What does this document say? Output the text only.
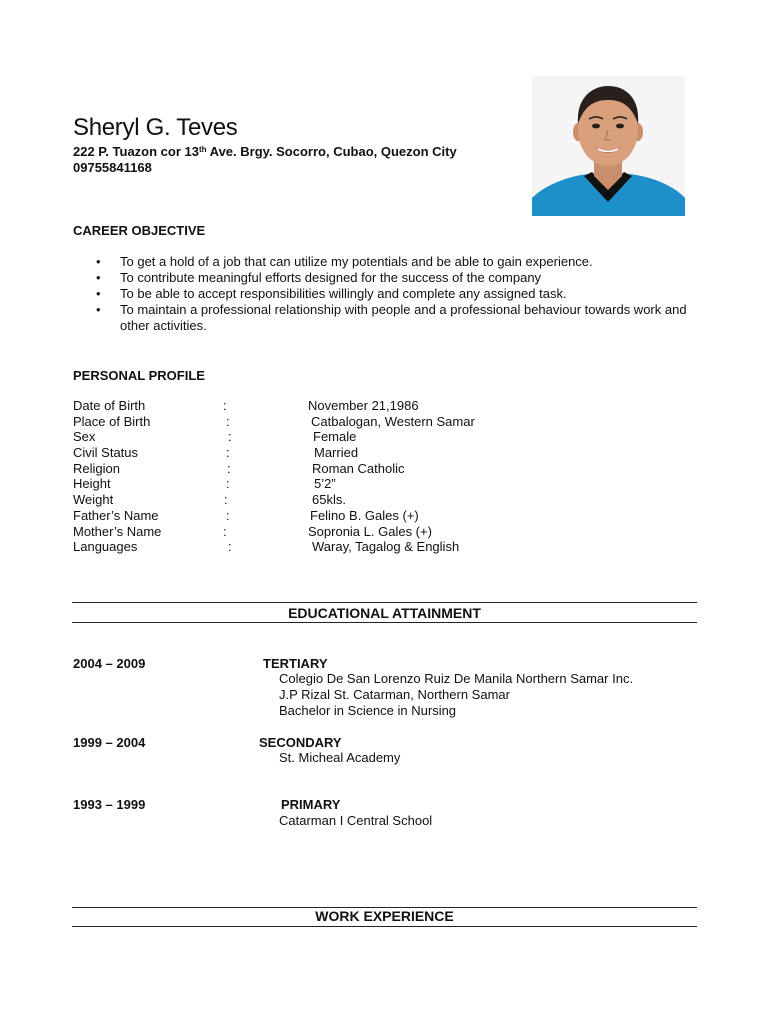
Sheryl G. Teves
222 P. Tuazon cor 13th Ave. Brgy. Socorro, Cubao, Quezon City
09755841168
CAREER OBJECTIVE
• To get a hold of a job that can utilize my potentials and be able to gain experience.
• To contribute meaningful efforts designed for the success of the company
• To be able to accept responsibilities willingly and complete any assigned task.
• To maintain a professional relationship with people and a professional behaviour towards work and other activities.
PERSONAL PROFILE
Date of Birth	:	November 21,1986
Place of Birth	:	Catbalogan, Western Samar
Sex	:	Female
Civil Status	:	Married
Religion	:	Roman Catholic
Height	:	5’2”
Weight	:	65kls.
Father’s Name	:	Felino B. Gales (+)
Mother’s Name	:	Sopronia L. Gales (+)
Languages	:	Waray, Tagalog & English
EDUCATIONAL ATTAINMENT
2004 – 2009	TERTIARY
Colegio De San Lorenzo Ruiz De Manila Northern Samar Inc.
J.P Rizal St. Catarman, Northern Samar
Bachelor in Science in Nursing
1999 – 2004	SECONDARY
St. Micheal Academy
1993 – 1999	PRIMARY
Catarman I Central School
WORK EXPERIENCE
